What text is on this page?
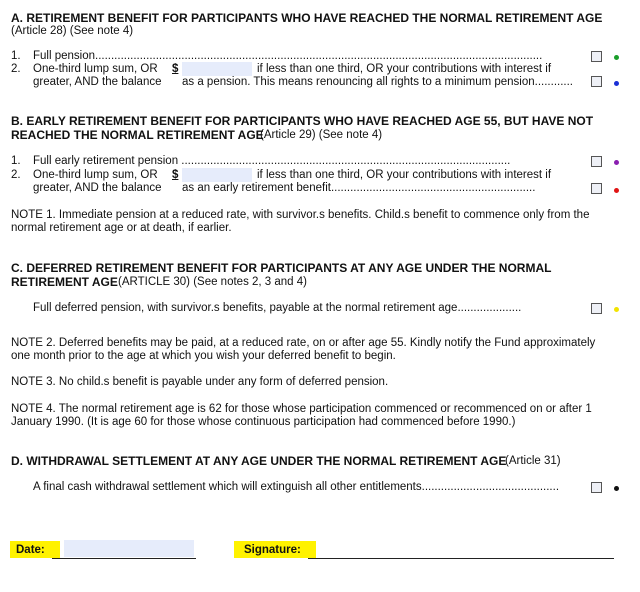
A. RETIREMENT BENEFIT FOR PARTICIPANTS WHO HAVE REACHED THE NORMAL RETIREMENT AGE
(Article 28) (See note 4)
1. Full pension............................................................................................................................................
2. One-third lump sum, OR $	if less than one third, OR your contributions with interest if
greater, AND the balance as a pension. This means renouncing all rights to a minimum pension............
B. EARLY RETIREMENT BENEFIT FOR PARTICIPANTS WHO HAVE REACHED AGE 55, BUT HAVE NOT
REACHED THE NORMAL RETIREMENT AGE
(Article 29) (See note 4)
1. Full early retirement pension .......................................................................................................
2. One-third lump sum, OR $	if less than one third, OR your contributions with interest if
greater, AND the balance as an early retirement benefit................................................................
NOTE 1. Immediate pension at a reduced rate, with survivor.s benefits. Child.s benefit to commence only from the
normal retirement age or at death, if earlier.
C. DEFERRED RETIREMENT BENEFIT FOR PARTICIPANTS AT ANY AGE UNDER THE NORMAL
RETIREMENT AGE (ARTICLE 30) (See notes 2, 3 and 4)
Full deferred pension, with survivor.s benefits, payable at the normal retirement age....................
NOTE 2. Deferred benefits may be paid, at a reduced rate, on or after age 55. Kindly notify the Fund approximately
one month prior to the age at which you wish your deferred benefit to begin.
NOTE 3. No child.s benefit is payable under any form of deferred pension.
NOTE 4. The normal retirement age is 62 for those whose participation commenced or recommenced on or after 1
January 1990. (It is age 60 for those whose continuous participation had commenced before 1990.)
D. WITHDRAWAL SETTLEMENT AT ANY AGE UNDER THE NORMAL RETIREMENT AGE
(Article 31)
A final cash withdrawal settlement which will extinguish all other entitlements...........................................
Date:	Signature:
